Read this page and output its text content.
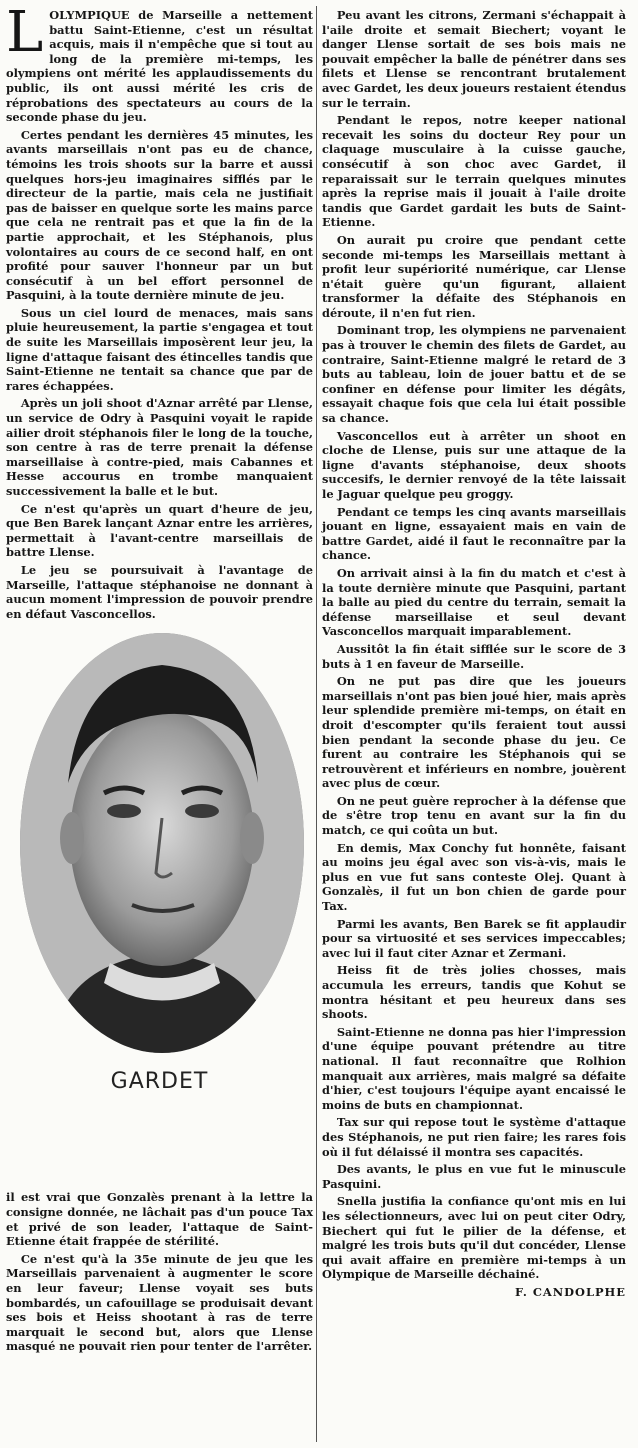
LOLYMPIQUE de Marseille a nettement battu Saint-Etienne, c'est un résultat acquis, mais il n'empêche que si tout au long de la première mi-temps, les olympiens ont mérité les applaudissements du public, ils ont aussi mérité les cris de réprobations des spectateurs au cours de la seconde phase du jeu.

Certes pendant les dernières 45 minutes, les avants marseillais n'ont pas eu de chance, témoins les trois shoots sur la barre et aussi quelques hors-jeu imaginaires sifflés par le directeur de la partie, mais cela ne justifiait pas de baisser en quelque sorte les mains parce que cela ne rentrait pas et que la fin de la partie approchait, et les Stéphanois, plus volontaires au cours de ce second half, en ont profité pour sauver l'honneur par un but consécutif à un bel effort personnel de Pasquini, à la toute dernière minute de jeu.

Sous un ciel lourd de menaces, mais sans pluie heureusement, la partie s'engagea et tout de suite les Marseillais imposèrent leur jeu, la ligne d'attaque faisant des étincelles tandis que Saint-Etienne ne tentait sa chance que par de rares échappées.

Après un joli shoot d'Aznar arrêté par Llense, un service de Odry à Pasquini voyait le rapide ailier droit stéphanois filer le long de la touche, son centre à ras de terre prenait la défense marseillaise à contre-pied, mais Cabannes et Hesse accourus en trombe manquaient successivement la balle et le but.

Ce n'est qu'après un quart d'heure de jeu, que Ben Barek lançant Aznar entre les arrières, permettait à l'avant-centre marseillais de battre Llense.

Le jeu se poursuivait à l'avantage de Marseille, l'attaque stéphanoise ne donnant à aucun moment l'impression de pouvoir prendre en défaut Vasconcellos.

GARDET

il est vrai que Gonzalès prenant à la lettre la consigne donnée, ne lâchait pas d'un pouce Tax et privé de son leader, l'attaque de Saint-Etienne était frappée de stérilité.

Ce n'est qu'à la 35e minute de jeu que les Marseillais parvenaient à augmenter le score en leur faveur; Llense voyait ses buts bombardés, un cafouillage se produisait devant ses bois et Heiss shootant à ras de terre marquait le second but, alors que Llense masqué ne pouvait rien pour tenter de l'arrêter.

Peu avant les citrons, Zermani s'échappait à l'aile droite et semait Biechert; voyant le danger Llense sortait de ses bois mais ne pouvait empêcher la balle de pénétrer dans ses filets et Llense se rencontrant brutalement avec Gardet, les deux joueurs restaient étendus sur le terrain.

Pendant le repos, notre keeper national recevait les soins du docteur Rey pour un claquage musculaire à la cuisse gauche, consécutif à son choc avec Gardet, il reparaissait sur le terrain quelques minutes après la reprise mais il jouait à l'aile droite tandis que Gardet gardait les buts de Saint-Etienne.

On aurait pu croire que pendant cette seconde mi-temps les Marseillais mettant à profit leur supériorité numérique, car Llense n'était guère qu'un figurant, allaient transformer la défaite des Stéphanois en déroute, il n'en fut rien.

Dominant trop, les olympiens ne parvenaient pas à trouver le chemin des filets de Gardet, au contraire, Saint-Etienne malgré le retard de 3 buts au tableau, loin de jouer battu et de se confiner en défense pour limiter les dégâts, essayait chaque fois que cela lui était possible sa chance.

Vasconcellos eut à arrêter un shoot en cloche de Llense, puis sur une attaque de la ligne d'avants stéphanoise, deux shoots succesifs, le dernier renvoyé de la tête laissait le Jaguar quelque peu groggy.

Pendant ce temps les cinq avants marseillais jouant en ligne, essayaient mais en vain de battre Gardet, aidé il faut le reconnaître par la chance.

On arrivait ainsi à la fin du match et c'est à la toute dernière minute que Pasquini, partant la balle au pied du centre du terrain, semait la défense marseillaise et seul devant Vasconcellos marquait imparablement.

Aussitôt la fin était sifflée sur le score de 3 buts à 1 en faveur de Marseille.

On ne put pas dire que les joueurs marseillais n'ont pas bien joué hier, mais après leur splendide première mi-temps, on était en droit d'escompter qu'ils feraient tout aussi bien pendant la seconde phase du jeu. Ce furent au contraire les Stéphanois qui se retrouvèrent et inférieurs en nombre, jouèrent avec plus de cœur.

On ne peut guère reprocher à la défense que de s'être trop tenu en avant sur la fin du match, ce qui coûta un but.

En demis, Max Conchy fut honnête, faisant au moins jeu égal avec son vis-à-vis, mais le plus en vue fut sans conteste Olej. Quant à Gonzalès, il fut un bon chien de garde pour Tax.

Parmi les avants, Ben Barek se fit applaudir pour sa virtuosité et ses services impeccables; avec lui il faut citer Aznar et Zermani.

Heiss fit de très jolies chosses, mais accumula les erreurs, tandis que Kohut se montra hésitant et peu heureux dans ses shoots.

Saint-Etienne ne donna pas hier l'impression d'une équipe pouvant prétendre au titre national. Il faut reconnaître que Rolhion manquait aux arrières, mais malgré sa défaite d'hier, c'est toujours l'équipe ayant encaissé le moins de buts en championnat.

Tax sur qui repose tout le système d'attaque des Stéphanois, ne put rien faire; les rares fois où il fut délaissé il montra ses capacités.

Des avants, le plus en vue fut le minuscule Pasquini.

Snella justifia la confiance qu'ont mis en lui les sélectionneurs, avec lui on peut citer Odry, Biechert qui fut le pilier de la défense, et malgré les trois buts qu'il dut concéder, Llense qui avait affaire en première mi-temps à un Olympique de Marseille déchainé.

F. CANDOLPHE
